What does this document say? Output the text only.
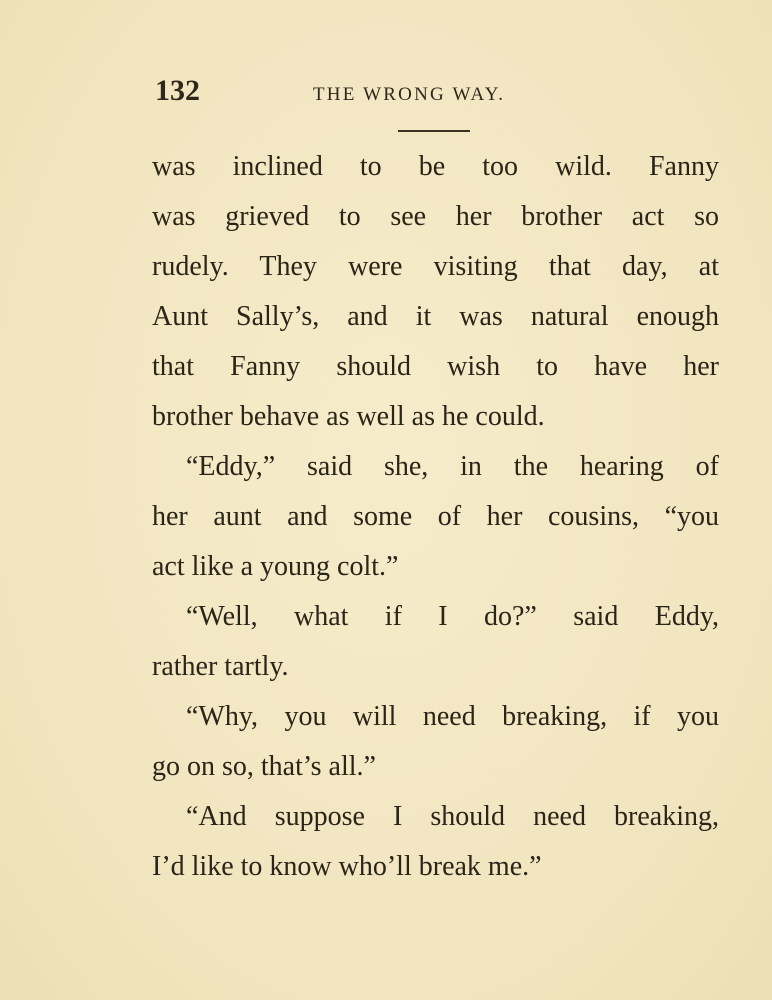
132	THE WRONG WAY.
was inclined to be too wild. Fanny
was grieved to see her brother act so
rudely. They were visiting that day, at
Aunt Sally’s, and it was natural enough
that Fanny should wish to have her
brother behave as well as he could.
“Eddy,” said she, in the hearing of
her aunt and some of her cousins, “you
act like a young colt.”
“Well, what if I do?” said Eddy,
rather tartly.
“Why, you will need breaking, if you
go on so, that’s all.”
“And suppose I should need breaking,
I’d like to know who’ll break me.”
